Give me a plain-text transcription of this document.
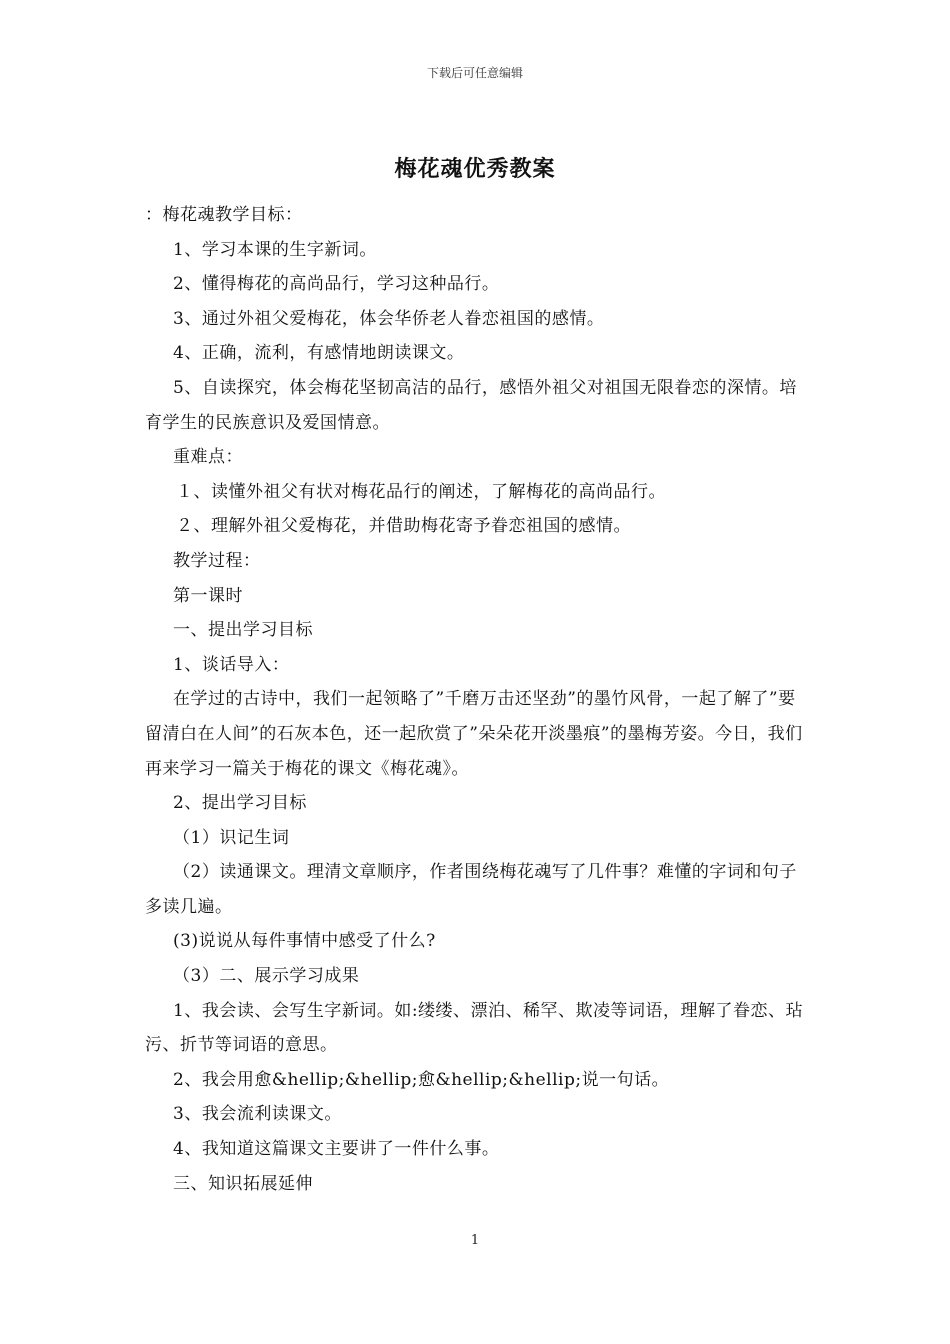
下载后可任意编辑
梅花魂优秀教案

：梅花魂教学目标：

1、学习本课的生字新词。

2、懂得梅花的高尚品行，学习这种品行。

3、通过外祖父爱梅花，体会华侨老人眷恋祖国的感情。

4、正确，流利，有感情地朗读课文。

5、自读探究，体会梅花坚韧高洁的品行，感悟外祖父对祖国无限眷恋的深情。培育学生的民族意识及爱国情意。

重难点：

１、读懂外祖父有状对梅花品行的阐述，了解梅花的高尚品行。

２、理解外祖父爱梅花，并借助梅花寄予眷恋祖国的感情。

教学过程：

第一课时

一、提出学习目标

1、谈话导入：

在学过的古诗中，我们一起领略了”千磨万击还坚劲”的墨竹风骨，一起了解了”要留清白在人间”的石灰本色，还一起欣赏了”朵朵花开淡墨痕”的墨梅芳姿。今日，我们再来学习一篇关于梅花的课文《梅花魂》。

2、提出学习目标

（1）识记生词

（2）读通课文。理清文章顺序，作者围绕梅花魂写了几件事？难懂的字词和句子多读几遍。

(3)说说从每件事情中感受了什么?

（3）二、展示学习成果

1、我会读、会写生字新词。如:缕缕、漂泊、稀罕、欺凌等词语，理解了眷恋、玷污、折节等词语的意思。

2、我会用愈&hellip;&hellip;愈&hellip;&hellip;说一句话。

3、我会流利读课文。

4、我知道这篇课文主要讲了一件什么事。

三、知识拓展延伸

1
